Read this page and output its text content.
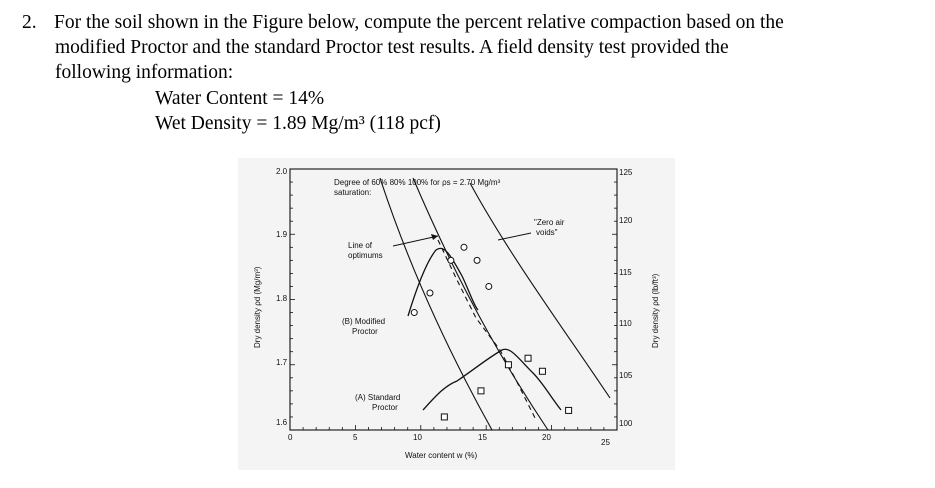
2. For the soil shown in the Figure below, compute the percent relative compaction based on the
modified Proctor and the standard Proctor test results. A field density test provided the
following information:
Water Content = 14%
Wet Density = 1.89 Mg/m³ (118 pcf)
2.0
1.9
1.8
1.7
1.6
125
120
115
110
105
100
0	5	10	15	20
25
Water content w (%)
Dry density ρd (Mg/m³)	Dry density ρd (lb/ft³)
Degree of 60% 80% 100% for ρs = 2.70 Mg/m³
saturation:
"Zero air
voids"
Line of
optimums
(B) Modified
Proctor
(A) Standard
Proctor
